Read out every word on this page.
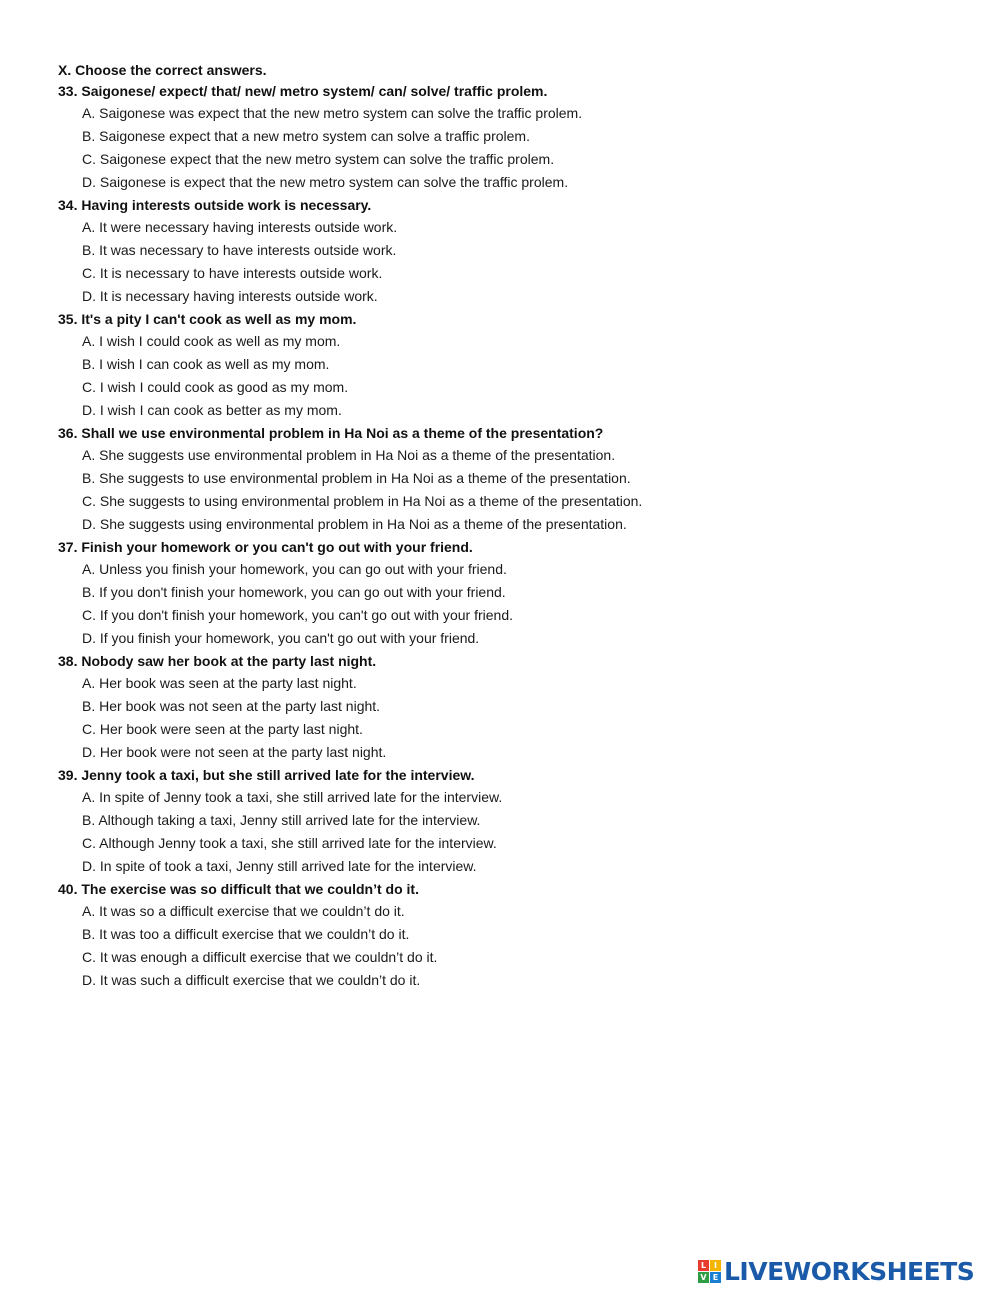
X. Choose the correct answers.
33. Saigonese/ expect/ that/ new/ metro system/ can/ solve/ traffic prolem.
A. Saigonese was expect that the new metro system can solve the traffic prolem.
B. Saigonese expect that a new metro system can solve a traffic prolem.
C. Saigonese expect that the new metro system can solve the traffic prolem.
D. Saigonese is expect that the new metro system can solve the traffic prolem.
34. Having interests outside work is necessary.
A. It were necessary having interests outside work.
B. It was necessary to have interests outside work.
C. It is necessary to have interests outside work.
D. It is necessary having interests outside work.
35. It's a pity I can't cook as well as my mom.
A. I wish I could cook as well as my mom.
B. I wish I can cook as well as my mom.
C. I wish I could cook as good as my mom.
D. I wish I can cook as better as my mom.
36. Shall we use environmental problem in Ha Noi as a theme of the presentation?
A. She suggests use environmental problem in Ha Noi as a theme of the presentation.
B. She suggests to use environmental problem in Ha Noi as a theme of the presentation.
C. She suggests to using environmental problem in Ha Noi as a theme of the presentation.
D. She suggests using environmental problem in Ha Noi as a theme of the presentation.
37. Finish your homework or you can't go out with your friend.
A. Unless you finish your homework, you can go out with your friend.
B. If you don't finish your homework, you can go out with your friend.
C. If you don't finish your homework, you can't go out with your friend.
D. If you finish your homework, you can't go out with your friend.
38. Nobody saw her book at the party last night.
A. Her book was seen at the party last night.
B. Her book was not seen at the party last night.
C. Her book were seen at the party last night.
D. Her book were not seen at the party last night.
39. Jenny took a taxi, but she still arrived late for the interview.
A. In spite of Jenny took a taxi, she still arrived late for the interview.
B. Although taking a taxi, Jenny still arrived late for the interview.
C. Although Jenny took a taxi, she still arrived late for the interview.
D. In spite of took a taxi, Jenny still arrived late for the interview.
40. The exercise was so difficult that we couldn’t do it.
A. It was so a difficult exercise that we couldn’t do it.
B. It was too a difficult exercise that we couldn’t do it.
C. It was enough a difficult exercise that we couldn’t do it.
D. It was such a difficult exercise that we couldn’t do it.
L I
V E LIVEWORKSHEETS
